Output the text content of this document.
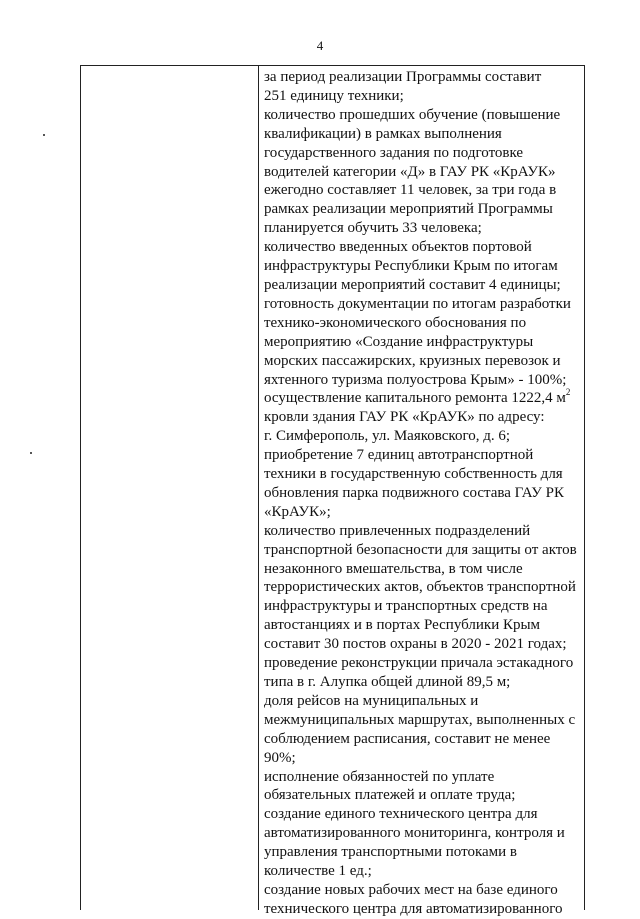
4
за период реализации Программы составит
251 единицу техники;
количество прошедших обучение (повышение
квалификации) в рамках выполнения
государственного задания по подготовке
водителей категории «Д» в ГАУ РК «КрАУК»
ежегодно составляет 11 человек, за три года в
рамках реализации мероприятий Программы
планируется обучить 33 человека;
количество введенных объектов портовой
инфраструктуры Республики Крым по итогам
реализации мероприятий составит 4 единицы;
готовность документации по итогам разработки
технико-экономического обоснования по
мероприятию «Создание инфраструктуры
морских пассажирских, круизных перевозок и
яхтенного туризма полуострова Крым» - 100%;
осуществление капитального ремонта 1222,4 $м^2$
кровли здания ГАУ РК «КрАУК» по адресу:
г. Симферополь, ул. Маяковского, д. 6;
приобретение 7 единиц автотранспортной
техники в государственную собственность для
обновления парка подвижного состава ГАУ РК
«КрАУК»;
количество привлеченных подразделений
транспортной безопасности для защиты от актов
незаконного вмешательства, в том числе
террористических актов, объектов транспортной
инфраструктуры и транспортных средств на
автостанциях и в портах Республики Крым
составит 30 постов охраны в 2020 - 2021 годах;
проведение реконструкции причала эстакадного
типа в г. Алупка общей длиной 89,5 м;
доля рейсов на муниципальных и
межмуниципальных маршрутах, выполненных с
соблюдением расписания, составит не менее
90%;
исполнение обязанностей по уплате
обязательных платежей и оплате труда;
создание единого технического центра для
автоматизированного мониторинга, контроля и
управления транспортными потоками в
количестве 1 ед.;
создание новых рабочих мест на базе единого
технического центра для автоматизированного
